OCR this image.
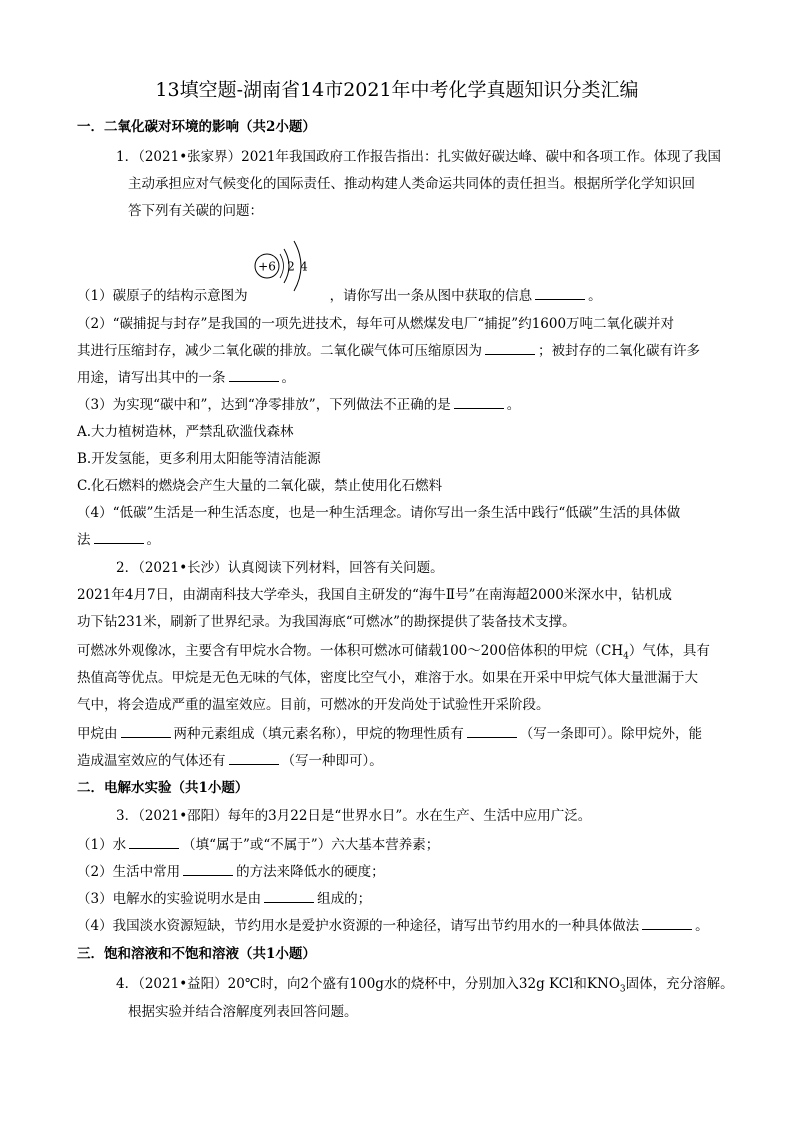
13填空题-湖南省14市2021年中考化学真题知识分类汇编
一．二氧化碳对环境的影响（共2小题）
1．（2021•张家界）2021年我国政府工作报告指出：扎实做好碳达峰、碳中和各项工作。体现了我国
主动承担应对气候变化的国际责任、推动构建人类命运共同体的责任担当。根据所学化学知识回
答下列有关碳的问题：
+6 2 4
（1）碳原子的结构示意图为	，请你写出一条从图中获取的信息	。
（2）“碳捕捉与封存”是我国的一项先进技术，每年可从燃煤发电厂“捕捉”约1600万吨二氧化碳并对
其进行压缩封存，减少二氧化碳的排放。二氧化碳气体可压缩原因为	；被封存的二氧化碳有许多
用途，请写出其中的一条	。
（3）为实现“碳中和”，达到“净零排放”，下列做法不正确的是	。
A.大力植树造林，严禁乱砍滥伐森林
B.开发氢能，更多利用太阳能等清洁能源
C.化石燃料的燃烧会产生大量的二氧化碳，禁止使用化石燃料
（4）“低碳”生活是一种生活态度，也是一种生活理念。请你写出一条生活中践行“低碳”生活的具体做
法	。
2．（2021•长沙）认真阅读下列材料，回答有关问题。
2021年4月7日，由湖南科技大学牵头，我国自主研发的“海牛Ⅱ号”在南海超2000米深水中，钻机成
功下钻231米，刷新了世界纪录。为我国海底“可燃冰”的勘探提供了装备技术支撑。
可燃冰外观像冰，主要含有甲烷水合物。一体积可燃冰可储载100～200倍体积的甲烷$(CH_4)$气体，具有
热值高等优点。甲烷是无色无味的气体，密度比空气小，难溶于水。如果在开采中甲烷气体大量泄漏于大
气中，将会造成严重的温室效应。目前，可燃冰的开发尚处于试验性开采阶段。
甲烷由	两种元素组成（填元素名称），甲烷的物理性质有	（写一条即可）。除甲烷外，能
造成温室效应的气体还有	（写一种即可）。
二．电解水实验（共1小题）
3．（2021•邵阳）每年的3月22日是“世界水日”。水在生产、生活中应用广泛。
（1）水	（填“属于”或“不属于”）六大基本营养素；
（2）生活中常用	的方法来降低水的硬度；
（3）电解水的实验说明水是由	组成的；
（4）我国淡水资源短缺，节约用水是爱护水资源的一种途径，请写出节约用水的一种具体做法	。
三．饱和溶液和不饱和溶液（共1小题）
4．（2021•益阳）20℃时，向2个盛有100g水的烧杯中，分别加入32g KCl和$KNO_3$固体，充分溶解。
根据实验并结合溶解度列表回答问题。
